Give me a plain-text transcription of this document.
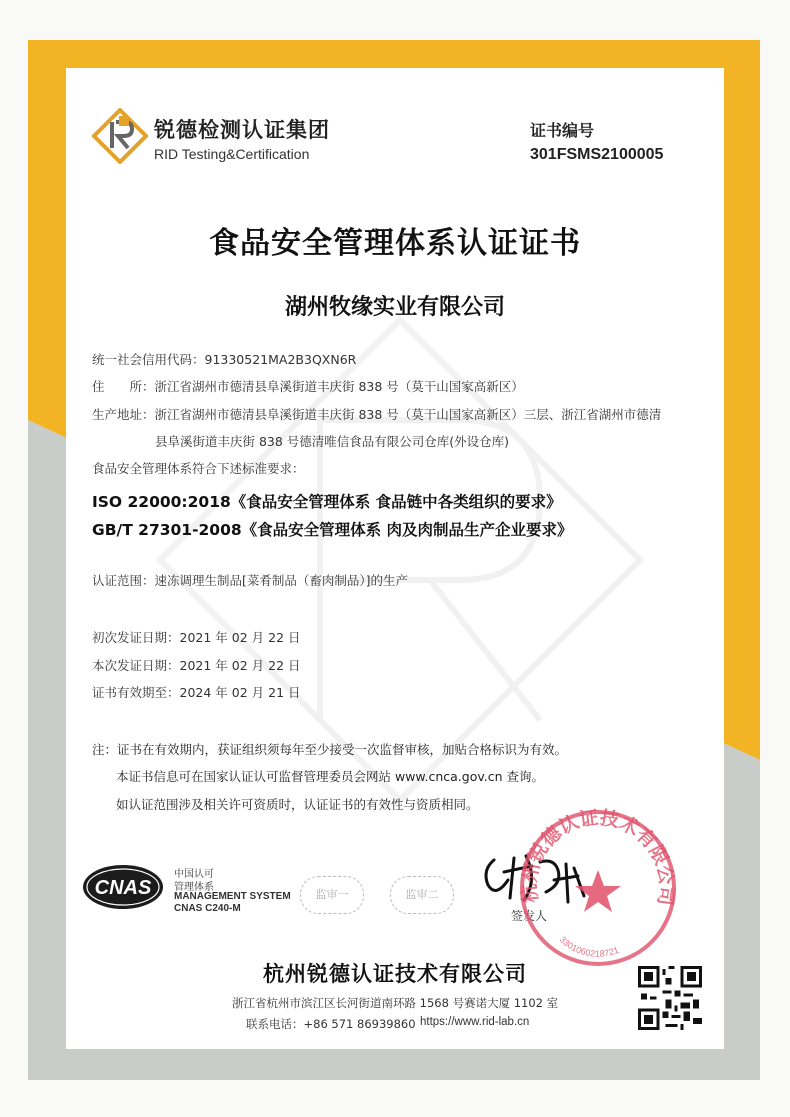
锐德检测认证集团
RID Testing&Certification
证书编号
301FSMS2100005
食品安全管理体系认证证书
湖州牧缘实业有限公司
统一社会信用代码：91330521MA2B3QXN6R
住　　所：浙江省湖州市德清县阜溪街道丰庆街 838 号（莫干山国家高新区）
生产地址：浙江省湖州市德清县阜溪街道丰庆街 838 号（莫干山国家高新区）三层、浙江省湖州市德清
县阜溪街道丰庆街 838 号德清唯信食品有限公司仓库(外设仓库)
食品安全管理体系符合下述标准要求：
ISO 22000:2018《食品安全管理体系 食品链中各类组织的要求》
GB/T 27301-2008《食品安全管理体系 肉及肉制品生产企业要求》
认证范围：速冻调理生制品[菜肴制品（畜肉制品）]的生产
初次发证日期：2021 年 02 月 22 日
本次发证日期：2021 年 02 月 22 日
证书有效期至：2024 年 02 月 21 日
注：证书在有效期内，获证组织须每年至少接受一次监督审核，加贴合格标识为有效。
本证书信息可在国家认证认可监督管理委员会网站 www.cnca.gov.cn 查询。
如认证范围涉及相关许可资质时，认证证书的有效性与资质相同。
CNAS
中国认可
管理体系
MANAGEMENT SYSTEM
CNAS C240-M
监审一	监审二
签发人
杭州锐德认证技术有限公司
3301060218721
杭州锐德认证技术有限公司
浙江省杭州市滨江区长河街道南环路 1568 号赛诺大厦 1102 室
联系电话：+86 571 86939860 https://www.rid-lab.cn
